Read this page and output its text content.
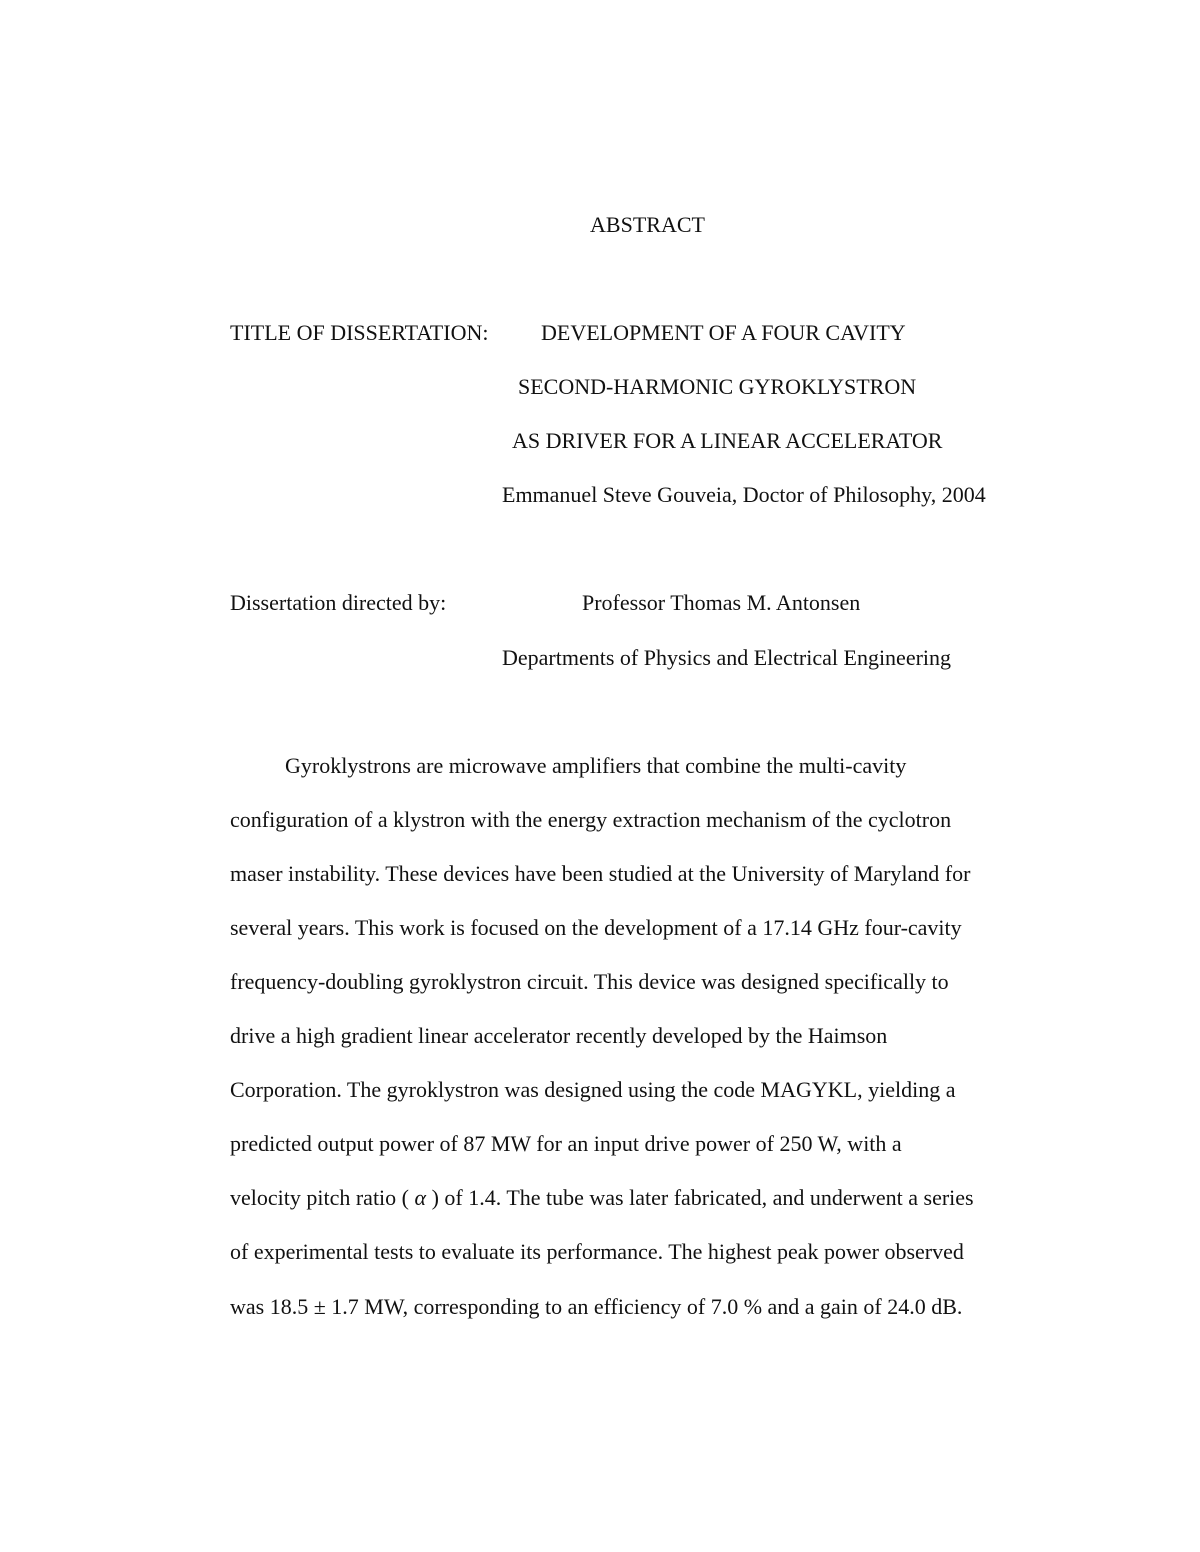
ABSTRACT
TITLE OF DISSERTATION: DEVELOPMENT OF A FOUR CAVITY
SECOND-HARMONIC GYROKLYSTRON
AS DRIVER FOR A LINEAR ACCELERATOR
Emmanuel Steve Gouveia, Doctor of Philosophy, 2004
Dissertation directed by:	Professor Thomas M. Antonsen
Departments of Physics and Electrical Engineering
Gyroklystrons are microwave amplifiers that combine the multi-cavity
configuration of a klystron with the energy extraction mechanism of the cyclotron
maser instability. These devices have been studied at the University of Maryland for
several years. This work is focused on the development of a 17.14 GHz four-cavity
frequency-doubling gyroklystron circuit. This device was designed specifically to
drive a high gradient linear accelerator recently developed by the Haimson
Corporation. The gyroklystron was designed using the code MAGYKL, yielding a
predicted output power of 87 MW for an input drive power of 250 W, with a
velocity pitch ratio ( α ) of 1.4. The tube was later fabricated, and underwent a series
of experimental tests to evaluate its performance. The highest peak power observed
was 18.5 ± 1.7 MW, corresponding to an efficiency of 7.0 % and a gain of 24.0 dB.
